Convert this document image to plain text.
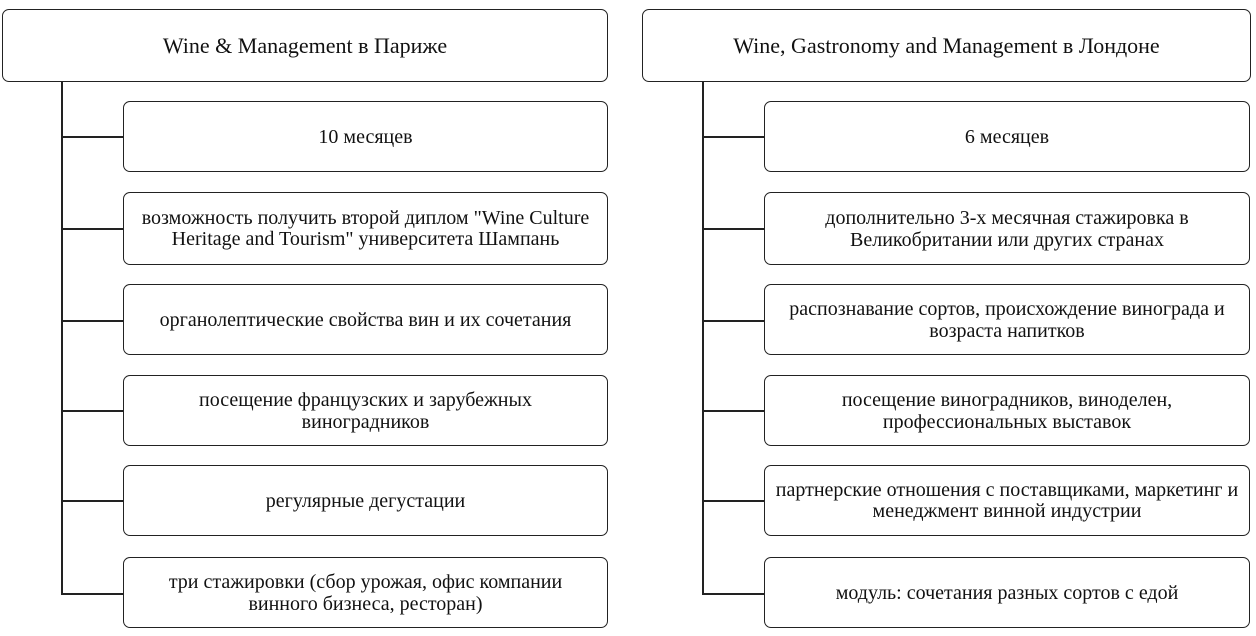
Wine & Management в Париже
10 месяцев
возможность получить второй диплом "Wine Culture Heritage and Tourism" университета Шампань
органолептические свойства вин и их сочетания
посещение французских и зарубежных виноградников
регулярные дегустации
три стажировки (сбор урожая, офис компании винного бизнеса, ресторан)
Wine, Gastronomy and Management в Лондоне
6 месяцев
дополнительно 3-х месячная стажировка в Великобритании или других странах
распознавание сортов, происхождение винограда и возраста напитков
посещение виноградников, виноделен, профессиональных выставок
партнерские отношения с поставщиками, маркетинг и менеджмент винной индустрии
модуль: сочетания разных сортов с едой
